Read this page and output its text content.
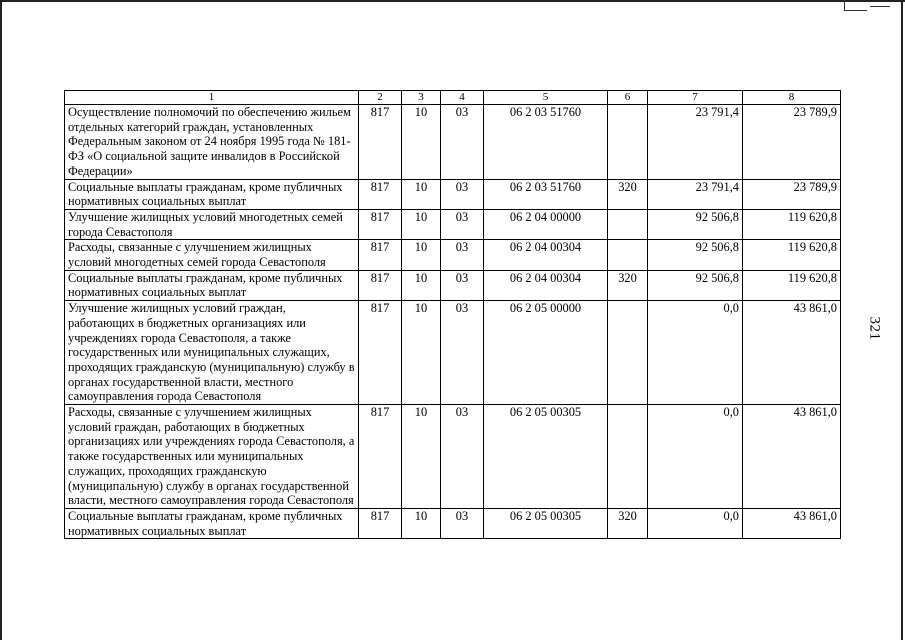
321
1	2	3	4	5	6	7	8
Осуществление полномочий по обеспечению жильем отдельных категорий граждан, установленных Федеральным законом от 24 ноября 1995 года № 181-ФЗ «О социальной защите инвалидов в Российской Федерации»	817	10	03	06 2 03 51760		23 791,4	23 789,9
Социальные выплаты гражданам, кроме публичных нормативных социальных выплат	817	10	03	06 2 03 51760	320	23 791,4	23 789,9
Улучшение жилищных условий многодетных семей города Севастополя	817	10	03	06 2 04 00000		92 506,8	119 620,8
Расходы, связанные с улучшением жилищных условий многодетных семей города Севастополя	817	10	03	06 2 04 00304		92 506,8	119 620,8
Социальные выплаты гражданам, кроме публичных нормативных социальных выплат	817	10	03	06 2 04 00304	320	92 506,8	119 620,8
Улучшение жилищных условий граждан, работающих в бюджетных организациях или учреждениях города Севастополя, а также государственных или муниципальных служащих, проходящих гражданскую (муниципальную) службу в органах государственной власти, местного самоуправления города Севастополя	817	10	03	06 2 05 00000		0,0	43 861,0
Расходы, связанные с улучшением жилищных условий граждан, работающих в бюджетных организациях или учреждениях города Севастополя, а также государственных или муниципальных служащих, проходящих гражданскую (муниципальную) службу в органах государственной власти, местного самоуправления города Севастополя	817	10	03	06 2 05 00305		0,0	43 861,0
Социальные выплаты гражданам, кроме публичных нормативных социальных выплат	817	10	03	06 2 05 00305	320	0,0	43 861,0
